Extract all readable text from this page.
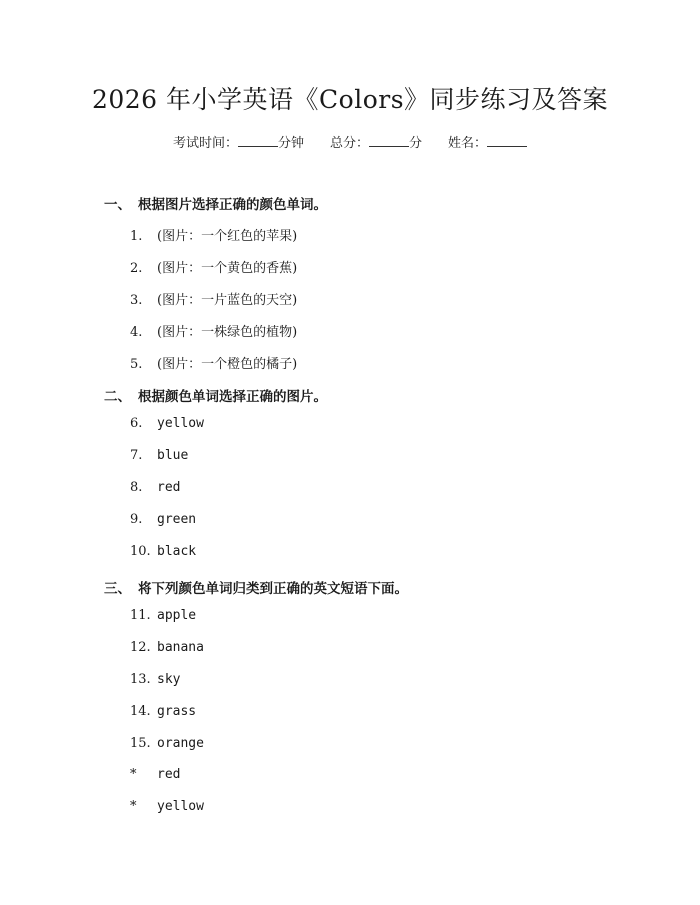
2026 年小学英语《Colors》同步练习及答案
考试时间：	分钟 总分：	分 姓名：
一、 根据图片选择正确的颜色单词。
1. (图片：一个红色的苹果)
2. (图片：一个黄色的香蕉)
3. (图片：一片蓝色的天空)
4. (图片：一株绿色的植物)
5. (图片：一个橙色的橘子)
二、 根据颜色单词选择正确的图片。
6. yellow
7. blue
8. red
9. green
10. black
三、 将下列颜色单词归类到正确的英文短语下面。
11. apple
12. banana
13. sky
14. grass
15. orange
* red
* yellow
